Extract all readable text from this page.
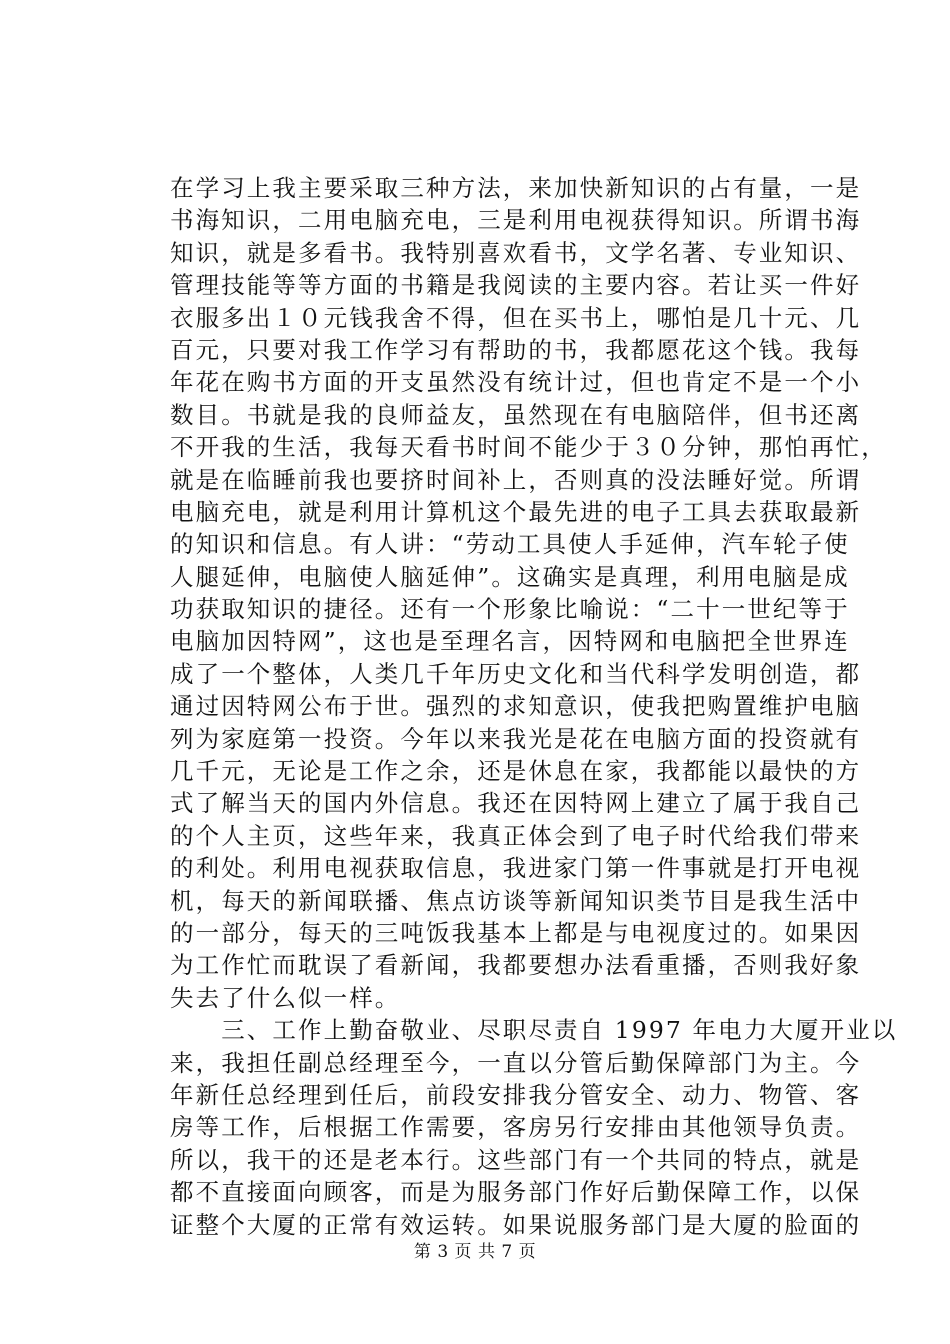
在学习上我主要采取三种方法，来加快新知识的占有量，一是
书海知识，二用电脑充电，三是利用电视获得知识。所谓书海
知识，就是多看书。我特别喜欢看书，文学名著、专业知识、
管理技能等等方面的书籍是我阅读的主要内容。若让买一件好
衣服多出１０元钱我舍不得，但在买书上，哪怕是几十元、几
百元，只要对我工作学习有帮助的书，我都愿花这个钱。我每
年花在购书方面的开支虽然没有统计过，但也肯定不是一个小
数目。书就是我的良师益友，虽然现在有电脑陪伴，但书还离
不开我的生活，我每天看书时间不能少于３０分钟，那怕再忙，
就是在临睡前我也要挤时间补上，否则真的没法睡好觉。所谓
电脑充电，就是利用计算机这个最先进的电子工具去获取最新
的知识和信息。有人讲：“劳动工具使人手延伸，汽车轮子使
人腿延伸，电脑使人脑延伸”。这确实是真理，利用电脑是成
功获取知识的捷径。还有一个形象比喻说：“二十一世纪等于
电脑加因特网”，这也是至理名言，因特网和电脑把全世界连
成了一个整体，人类几千年历史文化和当代科学发明创造，都
通过因特网公布于世。强烈的求知意识，使我把购置维护电脑
列为家庭第一投资。今年以来我光是花在电脑方面的投资就有
几千元，无论是工作之余，还是休息在家，我都能以最快的方
式了解当天的国内外信息。我还在因特网上建立了属于我自己
的个人主页，这些年来，我真正体会到了电子时代给我们带来
的利处。利用电视获取信息，我进家门第一件事就是打开电视
机，每天的新闻联播、焦点访谈等新闻知识类节目是我生活中
的一部分，每天的三吨饭我基本上都是与电视度过的。如果因
为工作忙而耽误了看新闻，我都要想办法看重播，否则我好象
失去了什么似一样。
　　三、工作上勤奋敬业、尽职尽责自 1997 年电力大厦开业以
来，我担任副总经理至今，一直以分管后勤保障部门为主。今
年新任总经理到任后，前段安排我分管安全、动力、物管、客
房等工作，后根据工作需要，客房另行安排由其他领导负责。
所以，我干的还是老本行。这些部门有一个共同的特点，就是
都不直接面向顾客，而是为服务部门作好后勤保障工作，以保
证整个大厦的正常有效运转。如果说服务部门是大厦的脸面的
第 3 页 共 7 页
